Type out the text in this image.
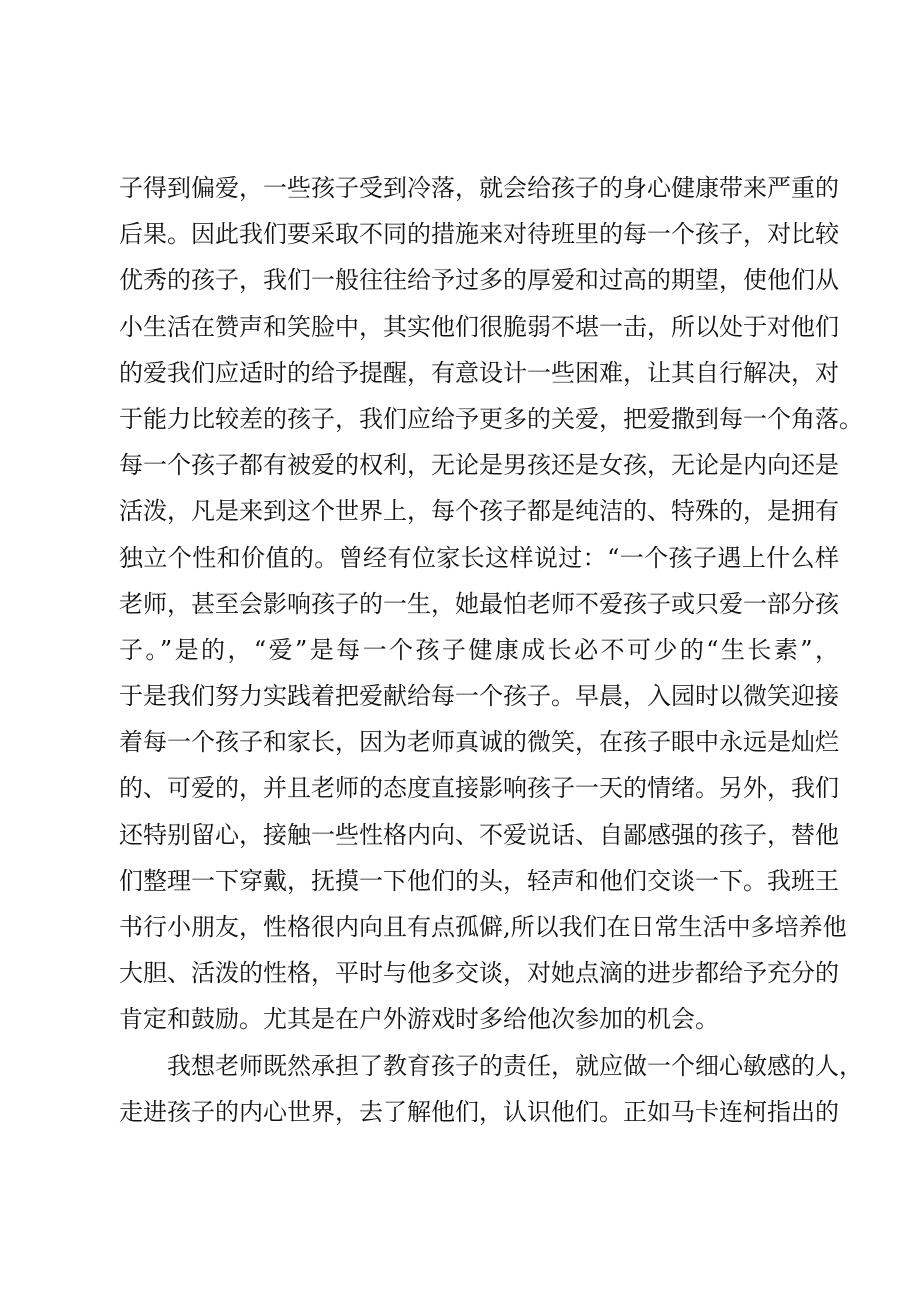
子得到偏爱，一些孩子受到冷落，就会给孩子的身心健康带来严重的
后果。因此我们要采取不同的措施来对待班里的每一个孩子，对比较
优秀的孩子，我们一般往往给予过多的厚爱和过高的期望，使他们从
小生活在赞声和笑脸中，其实他们很脆弱不堪一击，所以处于对他们
的爱我们应适时的给予提醒，有意设计一些困难，让其自行解决，对
于能力比较差的孩子，我们应给予更多的关爱，把爱撒到每一个角落。
每一个孩子都有被爱的权利，无论是男孩还是女孩，无论是内向还是
活泼，凡是来到这个世界上，每个孩子都是纯洁的、特殊的，是拥有
独立个性和价值的。曾经有位家长这样说过：“一个孩子遇上什么样
老师，甚至会影响孩子的一生，她最怕老师不爱孩子或只爱一部分孩
子。”是的，“爱”是每一个孩子健康成长必不可少的“生长素”，
于是我们努力实践着把爱献给每一个孩子。早晨，入园时以微笑迎接
着每一个孩子和家长，因为老师真诚的微笑，在孩子眼中永远是灿烂
的、可爱的，并且老师的态度直接影响孩子一天的情绪。另外，我们
还特别留心，接触一些性格内向、不爱说话、自鄙感强的孩子，替他
们整理一下穿戴，抚摸一下他们的头，轻声和他们交谈一下。我班王
书行小朋友，性格很内向且有点孤僻,所以我们在日常生活中多培养他
大胆、活泼的性格，平时与他多交谈，对她点滴的进步都给予充分的
肯定和鼓励。尤其是在户外游戏时多给他次参加的机会。
我想老师既然承担了教育孩子的责任，就应做一个细心敏感的人，
走进孩子的内心世界，去了解他们，认识他们。正如马卡连柯指出的
